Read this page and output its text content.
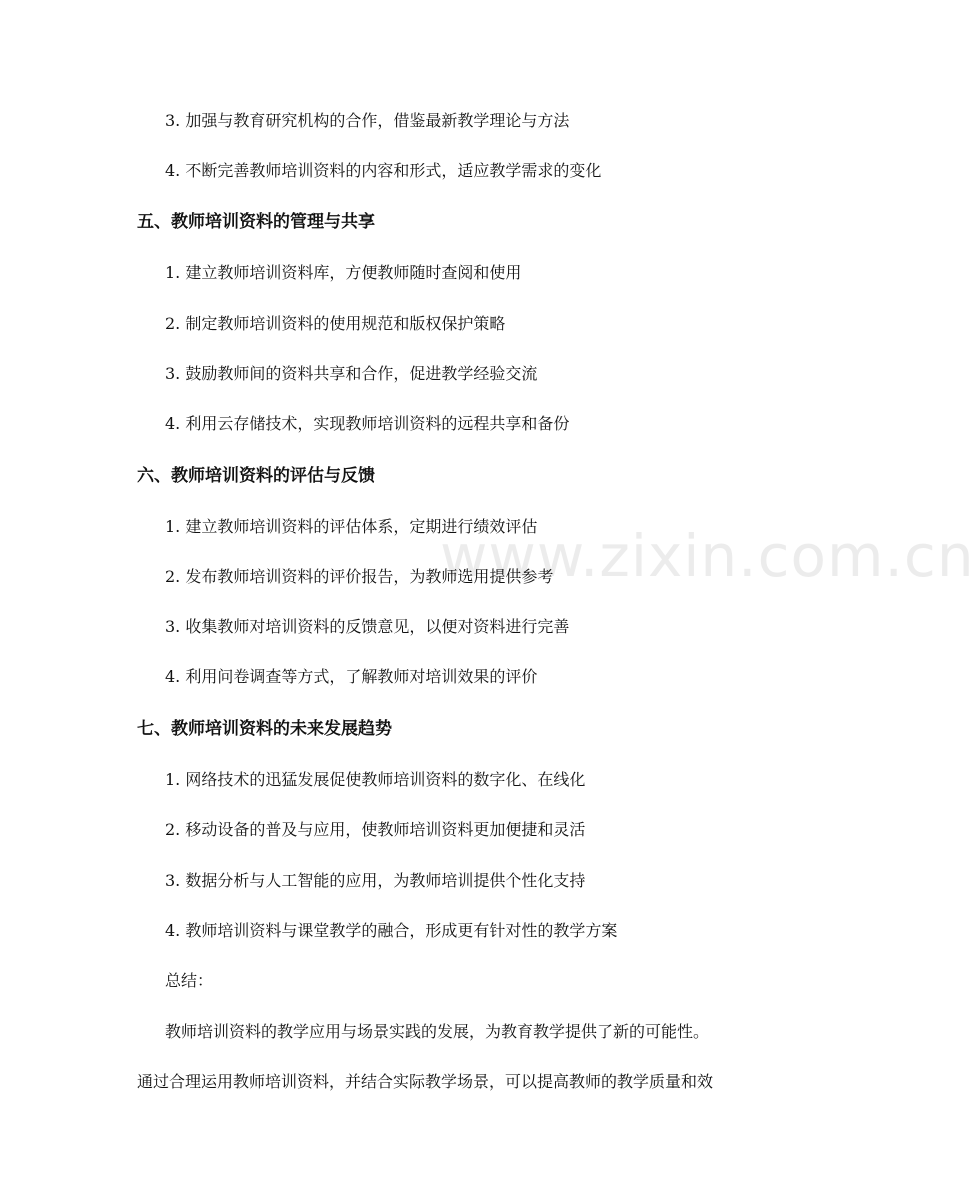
www.zixin.com.cn
3. 加强与教育研究机构的合作，借鉴最新教学理论与方法
4. 不断完善教师培训资料的内容和形式，适应教学需求的变化
五、教师培训资料的管理与共享
1. 建立教师培训资料库，方便教师随时查阅和使用
2. 制定教师培训资料的使用规范和版权保护策略
3. 鼓励教师间的资料共享和合作，促进教学经验交流
4. 利用云存储技术，实现教师培训资料的远程共享和备份
六、教师培训资料的评估与反馈
1. 建立教师培训资料的评估体系，定期进行绩效评估
2. 发布教师培训资料的评价报告，为教师选用提供参考
3. 收集教师对培训资料的反馈意见，以便对资料进行完善
4. 利用问卷调查等方式，了解教师对培训效果的评价
七、教师培训资料的未来发展趋势
1. 网络技术的迅猛发展促使教师培训资料的数字化、在线化
2. 移动设备的普及与应用，使教师培训资料更加便捷和灵活
3. 数据分析与人工智能的应用，为教师培训提供个性化支持
4. 教师培训资料与课堂教学的融合，形成更有针对性的教学方案
总结：
教师培训资料的教学应用与场景实践的发展，为教育教学提供了新的可能性。
通过合理运用教师培训资料，并结合实际教学场景，可以提高教师的教学质量和效
